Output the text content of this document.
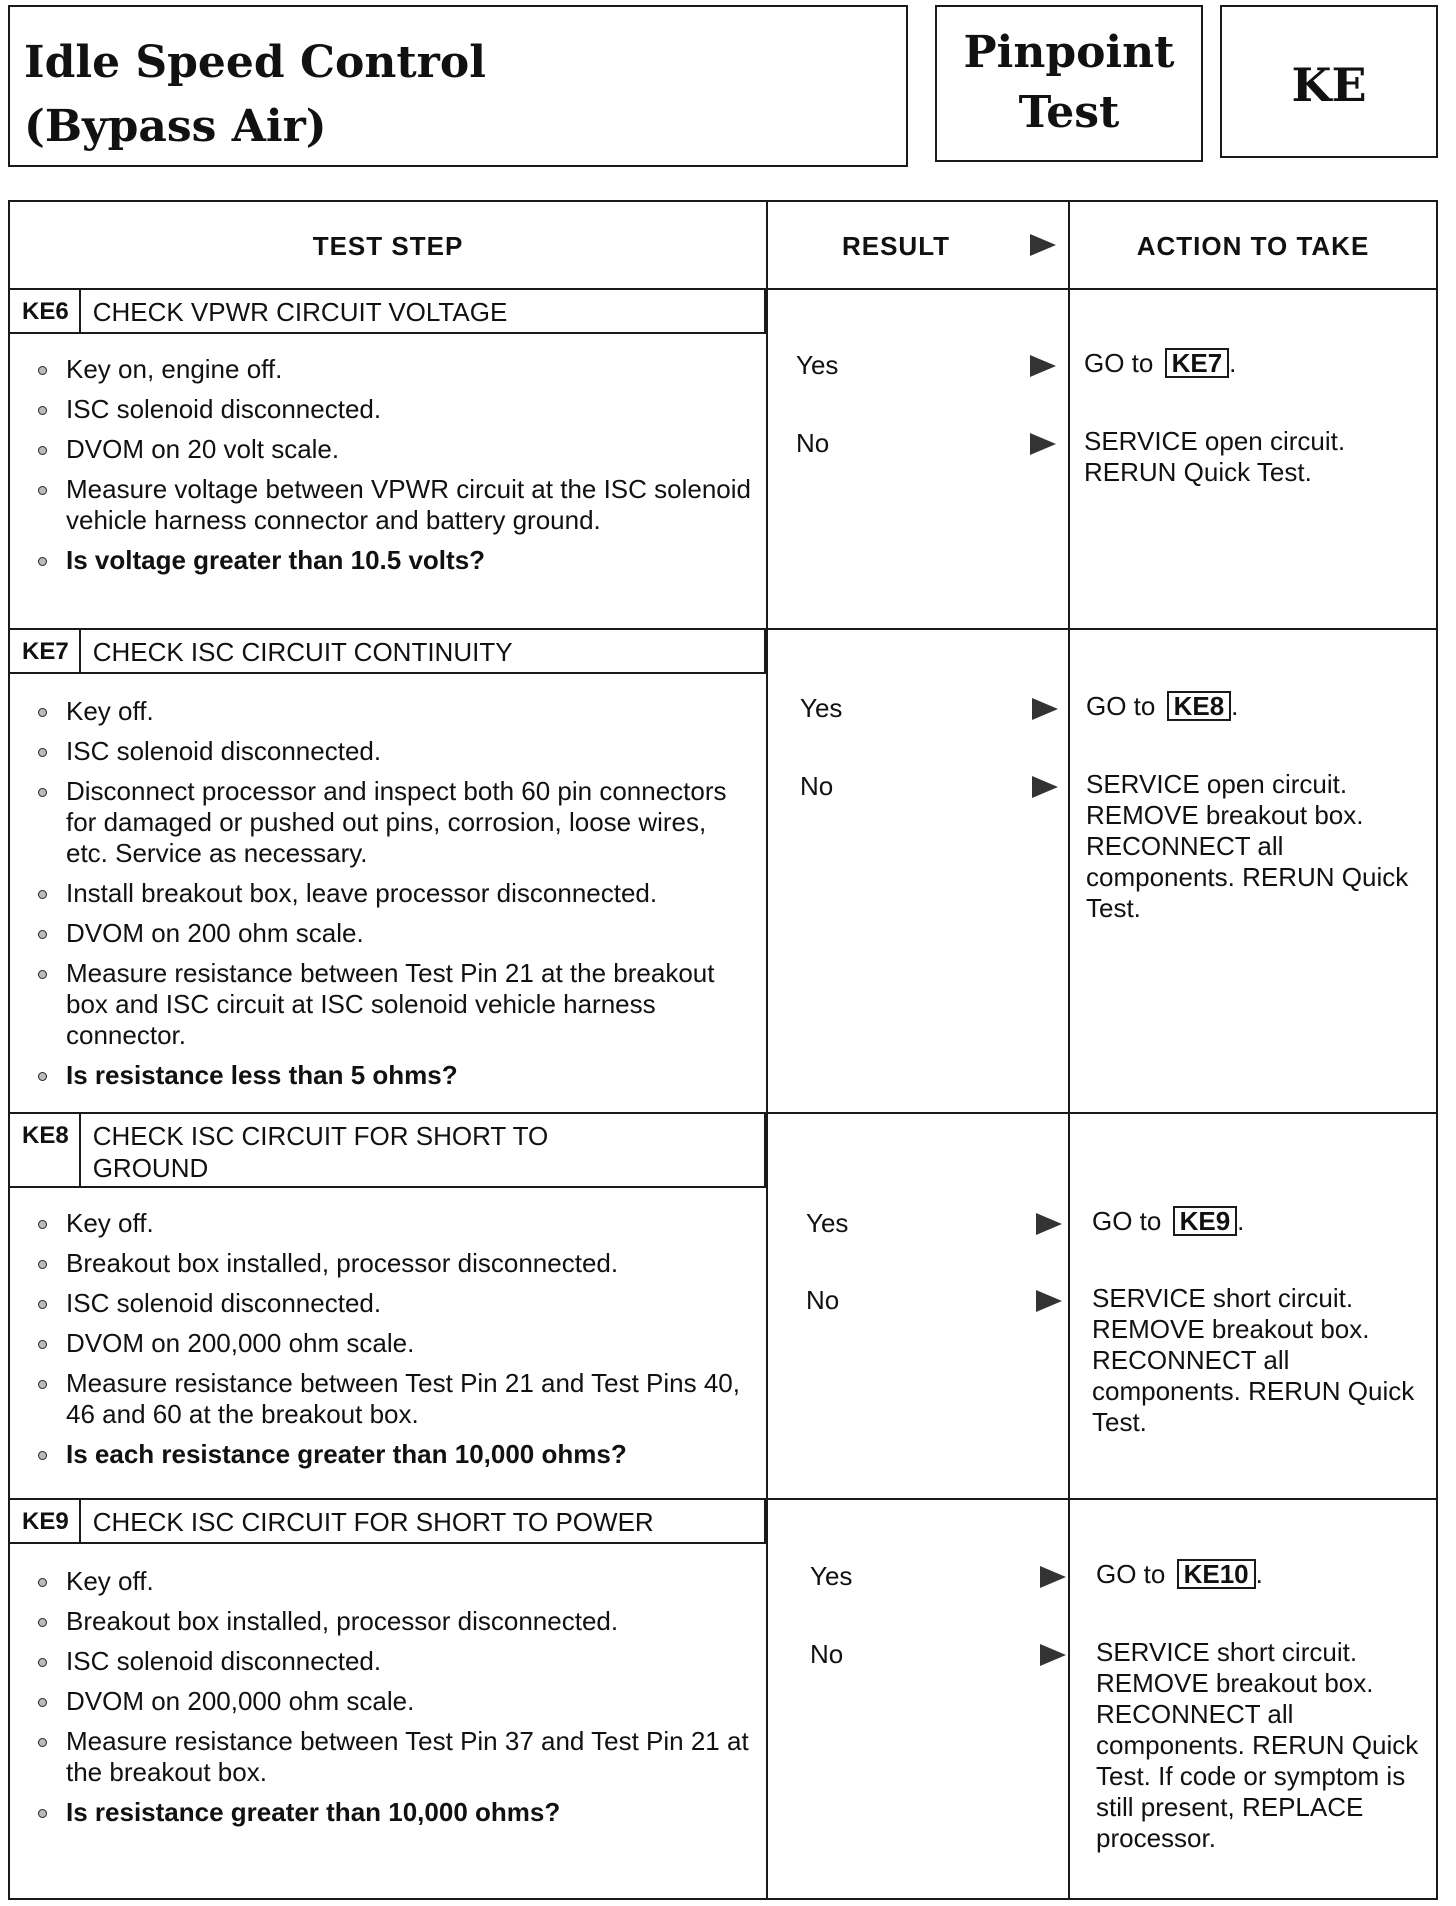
Idle Speed Control
(Bypass Air)
Pinpoint
Test
KE
TEST STEP	RESULT	ACTION TO TAKE
KE6 CHECK VPWR CIRCUIT VOLTAGE
Key on, engine off.
ISC solenoid disconnected.
DVOM on 20 volt scale.
Measure voltage between VPWR circuit at the ISC solenoid vehicle harness connector and battery ground.
Is voltage greater than 10.5 volts?
Yes
No
GO to KE7 .
SERVICE open circuit. RERUN Quick Test.
KE7 CHECK ISC CIRCUIT CONTINUITY
Key off.
ISC solenoid disconnected.
Disconnect processor and inspect both 60 pin connectors for damaged or pushed out pins, corrosion, loose wires, etc. Service as necessary.
Install breakout box, leave processor disconnected.
DVOM on 200 ohm scale.
Measure resistance between Test Pin 21 at the breakout box and ISC circuit at ISC solenoid vehicle harness connector.
Is resistance less than 5 ohms?
Yes
No
GO to KE8 .
SERVICE open circuit. REMOVE breakout box. RECONNECT all components. RERUN Quick Test.
KE8 CHECK ISC CIRCUIT FOR SHORT TO GROUND
Key off.
Breakout box installed, processor disconnected.
ISC solenoid disconnected.
DVOM on 200,000 ohm scale.
Measure resistance between Test Pin 21 and Test Pins 40, 46 and 60 at the breakout box.
Is each resistance greater than 10,000 ohms?
Yes
No
GO to KE9 .
SERVICE short circuit. REMOVE breakout box. RECONNECT all components. RERUN Quick Test.
KE9 CHECK ISC CIRCUIT FOR SHORT TO POWER
Key off.
Breakout box installed, processor disconnected.
ISC solenoid disconnected.
DVOM on 200,000 ohm scale.
Measure resistance between Test Pin 37 and Test Pin 21 at the breakout box.
Is resistance greater than 10,000 ohms?
Yes
No
GO to KE10 .
SERVICE short circuit. REMOVE breakout box. RECONNECT all components. RERUN Quick Test. If code or symptom is still present, REPLACE processor.
